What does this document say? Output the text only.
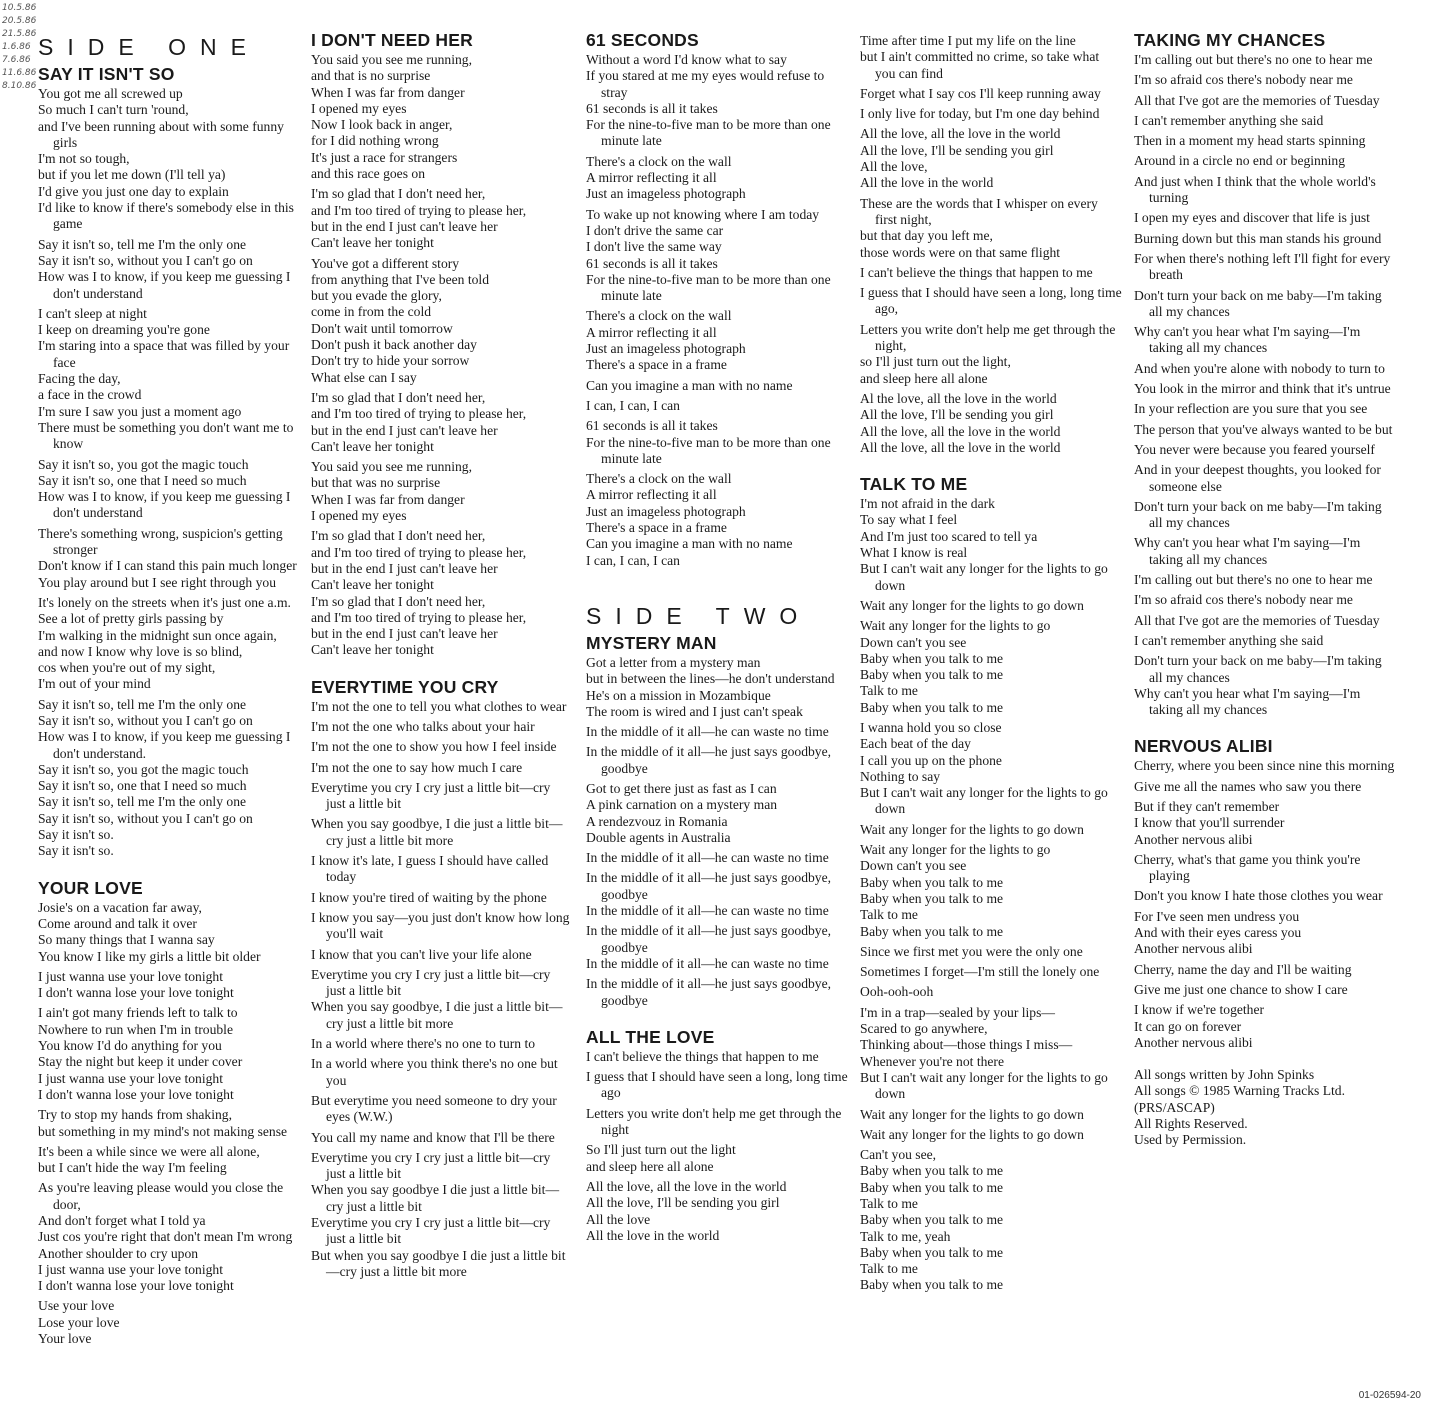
10.5.86
20.5.86
21.5.86
1.6.86
7.6.86
11.6.86
8.10.86
SIDE ONE
SAY IT ISN'T SO
You got me all screwed up
So much I can't turn 'round,
and I've been running about with some funny girls
I'm not so tough,
but if you let me down (I'll tell ya)
I'd give you just one day to explain
I'd like to know if there's somebody else in this game
Say it isn't so, tell me I'm the only one
Say it isn't so, without you I can't go on
How was I to know, if you keep me guessing I don't understand
I can't sleep at night
I keep on dreaming you're gone
I'm staring into a space that was filled by your face
Facing the day,
a face in the crowd
I'm sure I saw you just a moment ago
There must be something you don't want me to know
Say it isn't so, you got the magic touch
Say it isn't so, one that I need so much
How was I to know, if you keep me guessing I don't understand
There's something wrong, suspicion's getting stronger
Don't know if I can stand this pain much longer
You play around but I see right through you
It's lonely on the streets when it's just one a.m.
See a lot of pretty girls passing by
I'm walking in the midnight sun once again,
and now I know why love is so blind,
cos when you're out of my sight,
I'm out of your mind
Say it isn't so, tell me I'm the only one
Say it isn't so, without you I can't go on
How was I to know, if you keep me guessing I don't understand.
Say it isn't so, you got the magic touch
Say it isn't so, one that I need so much
Say it isn't so, tell me I'm the only one
Say it isn't so, without you I can't go on
Say it isn't so.
Say it isn't so.
YOUR LOVE
Josie's on a vacation far away,
Come around and talk it over
So many things that I wanna say
You know I like my girls a little bit older
I just wanna use your love tonight
I don't wanna lose your love tonight
I ain't got many friends left to talk to
Nowhere to run when I'm in trouble
You know I'd do anything for you
Stay the night but keep it under cover
I just wanna use your love tonight
I don't wanna lose your love tonight
Try to stop my hands from shaking,
but something in my mind's not making sense
It's been a while since we were all alone,
but I can't hide the way I'm feeling
As you're leaving please would you close the door,
And don't forget what I told ya
Just cos you're right that don't mean I'm wrong
Another shoulder to cry upon
I just wanna use your love tonight
I don't wanna lose your love tonight
Use your love
Lose your love
Your love
I DON'T NEED HER
You said you see me running,
and that is no surprise
When I was far from danger
I opened my eyes
Now I look back in anger,
for I did nothing wrong
It's just a race for strangers
and this race goes on
I'm so glad that I don't need her,
and I'm too tired of trying to please her,
but in the end I just can't leave her
Can't leave her tonight
You've got a different story
from anything that I've been told
but you evade the glory,
come in from the cold
Don't wait until tomorrow
Don't push it back another day
Don't try to hide your sorrow
What else can I say
I'm so glad that I don't need her,
and I'm too tired of trying to please her,
but in the end I just can't leave her
Can't leave her tonight
You said you see me running,
but that was no surprise
When I was far from danger
I opened my eyes
I'm so glad that I don't need her,
and I'm too tired of trying to please her,
but in the end I just can't leave her
Can't leave her tonight
I'm so glad that I don't need her,
and I'm too tired of trying to please her,
but in the end I just can't leave her
Can't leave her tonight
EVERYTIME YOU CRY
I'm not the one to tell you what clothes to wear
I'm not the one who talks about your hair
I'm not the one to show you how I feel inside
I'm not the one to say how much I care
Everytime you cry I cry just a little bit—cry just a little bit
When you say goodbye, I die just a little bit—cry just a little bit more
I know it's late, I guess I should have called today
I know you're tired of waiting by the phone
I know you say—you just don't know how long you'll wait
I know that you can't live your life alone
Everytime you cry I cry just a little bit—cry just a little bit
When you say goodbye, I die just a little bit—cry just a little bit more
In a world where there's no one to turn to
In a world where you think there's no one but you
But everytime you need someone to dry your eyes (W.W.)
You call my name and know that I'll be there
Everytime you cry I cry just a little bit—cry just a little bit
When you say goodbye I die just a little bit—cry just a little bit
Everytime you cry I cry just a little bit—cry just a little bit
But when you say goodbye I die just a little bit—cry just a little bit more
61 SECONDS
Without a word I'd know what to say
If you stared at me my eyes would refuse to stray
61 seconds is all it takes
For the nine-to-five man to be more than one minute late
There's a clock on the wall
A mirror reflecting it all
Just an imageless photograph
To wake up not knowing where I am today
I don't drive the same car
I don't live the same way
61 seconds is all it takes
For the nine-to-five man to be more than one minute late
There's a clock on the wall
A mirror reflecting it all
Just an imageless photograph
There's a space in a frame
Can you imagine a man with no name
I can, I can, I can
61 seconds is all it takes
For the nine-to-five man to be more than one minute late
There's a clock on the wall
A mirror reflecting it all
Just an imageless photograph
There's a space in a frame
Can you imagine a man with no name
I can, I can, I can
SIDE TWO
MYSTERY MAN
Got a letter from a mystery man
but in between the lines—he don't understand
He's on a mission in Mozambique
The room is wired and I just can't speak
In the middle of it all—he can waste no time
In the middle of it all—he just says goodbye, goodbye
Got to get there just as fast as I can
A pink carnation on a mystery man
A rendezvouz in Romania
Double agents in Australia
In the middle of it all—he can waste no time
In the middle of it all—he just says goodbye, goodbye
In the middle of it all—he can waste no time
In the middle of it all—he just says goodbye, goodbye
In the middle of it all—he can waste no time
In the middle of it all—he just says goodbye, goodbye
ALL THE LOVE
I can't believe the things that happen to me
I guess that I should have seen a long, long time ago
Letters you write don't help me get through the night
So I'll just turn out the light
and sleep here all alone
All the love, all the love in the world
All the love, I'll be sending you girl
All the love
All the love in the world
Time after time I put my life on the line
but I ain't committed no crime, so take what you can find
Forget what I say cos I'll keep running away
I only live for today, but I'm one day behind
All the love, all the love in the world
All the love, I'll be sending you girl
All the love,
All the love in the world
These are the words that I whisper on every first night,
but that day you left me,
those words were on that same flight
I can't believe the things that happen to me
I guess that I should have seen a long, long time ago,
Letters you write don't help me get through the night,
so I'll just turn out the light,
and sleep here all alone
Al the love, all the love in the world
All the love, I'll be sending you girl
All the love, all the love in the world
All the love, all the love in the world
TALK TO ME
I'm not afraid in the dark
To say what I feel
And I'm just too scared to tell ya
What I know is real
But I can't wait any longer for the lights to go down
Wait any longer for the lights to go down
Wait any longer for the lights to go
Down can't you see
Baby when you talk to me
Baby when you talk to me
Talk to me
Baby when you talk to me
I wanna hold you so close
Each beat of the day
I call you up on the phone
Nothing to say
But I can't wait any longer for the lights to go down
Wait any longer for the lights to go down
Wait any longer for the lights to go
Down can't you see
Baby when you talk to me
Baby when you talk to me
Talk to me
Baby when you talk to me
Since we first met you were the only one
Sometimes I forget—I'm still the lonely one
Ooh-ooh-ooh
I'm in a trap—sealed by your lips—
Scared to go anywhere,
Thinking about—those things I miss—
Whenever you're not there
But I can't wait any longer for the lights to go down
Wait any longer for the lights to go down
Wait any longer for the lights to go down
Can't you see,
Baby when you talk to me
Baby when you talk to me
Talk to me
Baby when you talk to me
Talk to me, yeah
Baby when you talk to me
Talk to me
Baby when you talk to me
TAKING MY CHANCES
I'm calling out but there's no one to hear me
I'm so afraid cos there's nobody near me
All that I've got are the memories of Tuesday
I can't remember anything she said
Then in a moment my head starts spinning
Around in a circle no end or beginning
And just when I think that the whole world's turning
I open my eyes and discover that life is just
Burning down but this man stands his ground
For when there's nothing left I'll fight for every breath
Don't turn your back on me baby—I'm taking all my chances
Why can't you hear what I'm saying—I'm taking all my chances
And when you're alone with nobody to turn to
You look in the mirror and think that it's untrue
In your reflection are you sure that you see
The person that you've always wanted to be but
You never were because you feared yourself
And in your deepest thoughts, you looked for someone else
Don't turn your back on me baby—I'm taking all my chances
Why can't you hear what I'm saying—I'm taking all my chances
I'm calling out but there's no one to hear me
I'm so afraid cos there's nobody near me
All that I've got are the memories of Tuesday
I can't remember anything she said
Don't turn your back on me baby—I'm taking all my chances
Why can't you hear what I'm saying—I'm taking all my chances
NERVOUS ALIBI
Cherry, where you been since nine this morning
Give me all the names who saw you there
But if they can't remember
I know that you'll surrender
Another nervous alibi
Cherry, what's that game you think you're playing
Don't you know I hate those clothes you wear
For I've seen men undress you
And with their eyes caress you
Another nervous alibi
Cherry, name the day and I'll be waiting
Give me just one chance to show I care
I know if we're together
It can go on forever
Another nervous alibi
All songs written by John Spinks
All songs © 1985 Warning Tracks Ltd.
(PRS/ASCAP)
All Rights Reserved.
Used by Permission.
01-026594-20
